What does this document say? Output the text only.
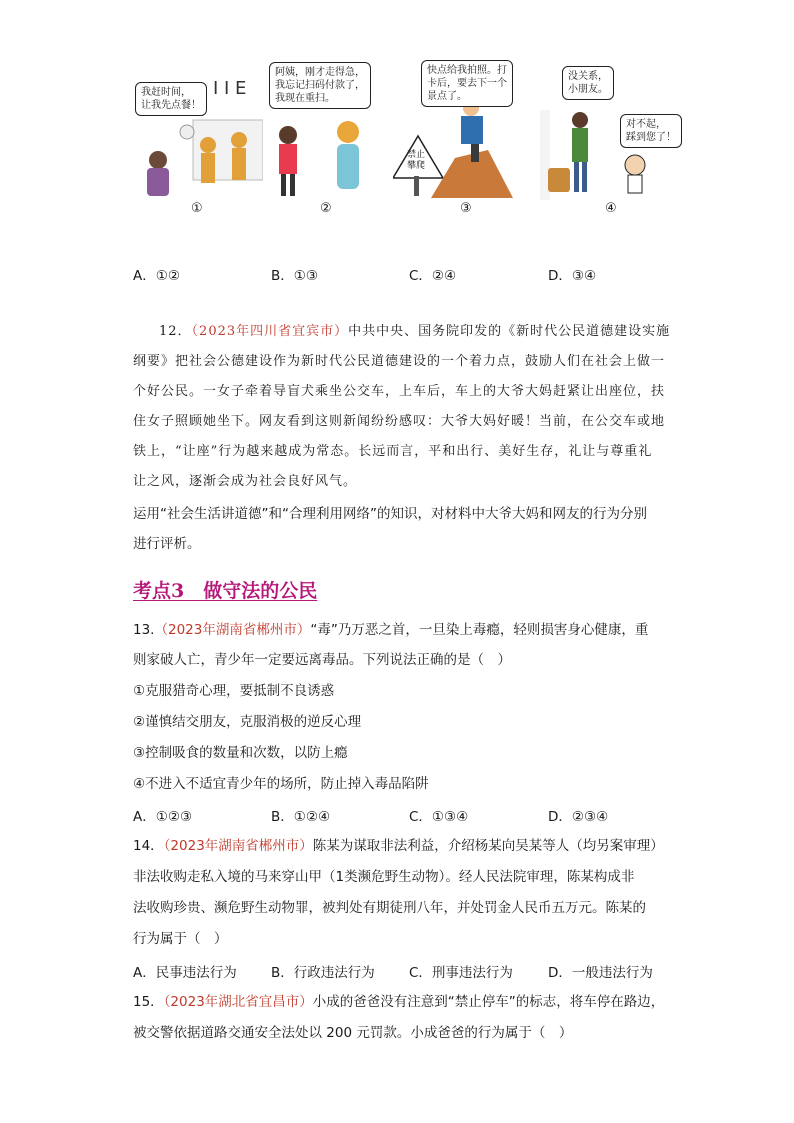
I I E
我赶时间，
让我先点餐！
①
阿姨，刚才走得急，
我忘记扫码付款了，
我现在重扫。
②
禁止
攀爬
快点给我拍照。打
卡后，要去下一个
景点了。
③
没关系，
小朋友。
对不起，
踩到您了！
④
A．①②	B．①③	C．②④	D．③④
12．（2023年四川省宜宾市）中共中央、国务院印发的《新时代公民道德建设实施
纲要》把社会公德建设作为新时代公民道德建设的一个着力点，鼓励人们在社会上做一
个好公民。一女子牵着导盲犬乘坐公交车，上车后，车上的大爷大妈赶紧让出座位，扶
住女子照顾她坐下。网友看到这则新闻纷纷感叹：大爷大妈好暖！当前，在公交车或地
铁上，“让座”行为越来越成为常态。长远而言，平和出行、美好生存，礼让与尊重礼
让之风，逐渐会成为社会良好风气。
运用“社会生活讲道德”和“合理利用网络”的知识，对材料中大爷大妈和网友的行为分别
进行评析。
考点3　做守法的公民
13.（2023年湖南省郴州市）“毒”乃万恶之首，一旦染上毒瘾，轻则损害身心健康，重
则家破人亡，青少年一定要远离毒品。下列说法正确的是（　）
①克服猎奇心理，要抵制不良诱惑
②谨慎结交朋友，克服消极的逆反心理
③控制吸食的数量和次数，以防上瘾
④不进入不适宜青少年的场所，防止掉入毒品陷阱
A．①②③	B．①②④	C．①③④	D．②③④
14．（2023年湖南省郴州市）陈某为谋取非法利益，介绍杨某向吴某等人（均另案审理）
非法收购走私入境的马来穿山甲（1类濒危野生动物）。经人民法院审理，陈某构成非
法收购珍贵、濒危野生动物罪，被判处有期徒刑八年，并处罚金人民币五万元。陈某的
行为属于（　）
A．民事违法行为	B．行政违法行为	C．刑事违法行为	D．一般违法行为
15．（2023年湖北省宜昌市）小成的爸爸没有注意到“禁止停车”的标志，将车停在路边，
被交警依据道路交通安全法处以 200 元罚款。小成爸爸的行为属于（　）
